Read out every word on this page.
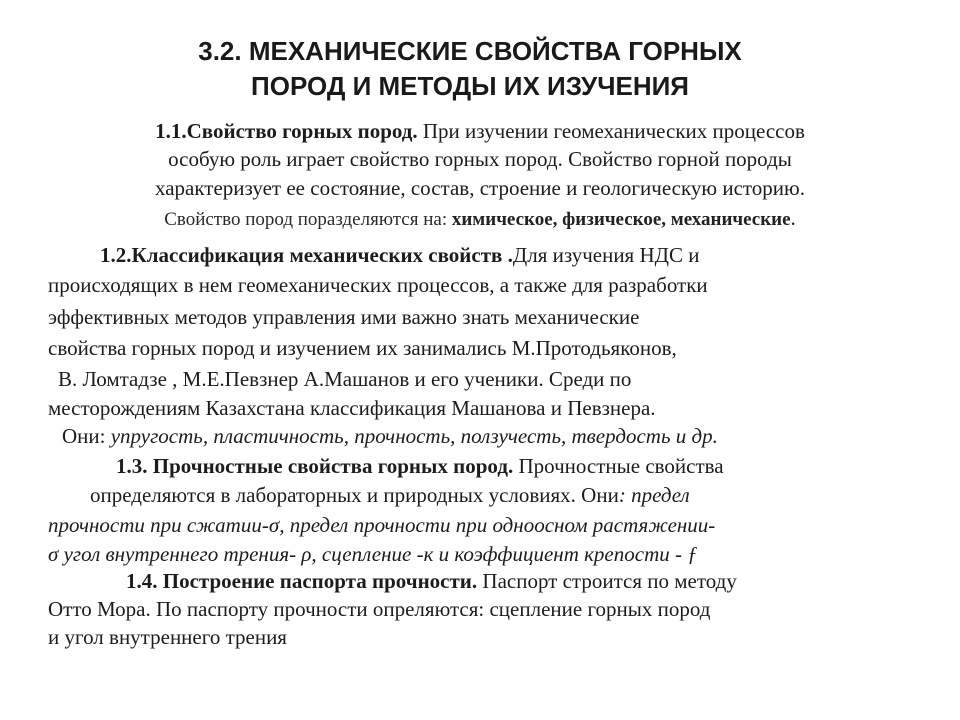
3.2. МЕХАНИЧЕСКИЕ СВОЙСТВА ГОРНЫХ
ПОРОД И МЕТОДЫ ИХ ИЗУЧЕНИЯ
1.1.Свойство горных пород. При изучении геомеханических процессов
особую роль играет свойство горных пород. Свойство горной породы
характеризует ее состояние, состав, строение и геологическую историю.
Свойство пород поразделяются на: химическое, физическое, механические.
1.2.Классификация механических свойств .Для изучения НДС и
происходящих в нем геомеханических процессов, а также для разработки
эффективных методов управления ими важно знать механические
свойства горных пород и изучением их занимались М.Протодьяконов,
В. Ломтадзе , М.Е.Певзнер А.Машанов и его ученики. Среди по
месторождениям Казахстана классификация Машанова и Певзнера.
Они: упругость, пластичность, прочность, ползучесть, твердость и др.
1.3. Прочностные свойства горных пород. Прочностные свойства
определяются в лабораторных и природных условиях. Они: предел
прочности при сжатии-σ, предел прочности при одноосном растяжении-
σ угол внутреннего трения- ρ, сцепление -к и коэффициент крепости - ƒ
1.4. Построение паспорта прочности. Паспорт строится по методу
Отто Мора. По паспорту прочности опреляются: сцепление горных пород
и угол внутреннего трения
